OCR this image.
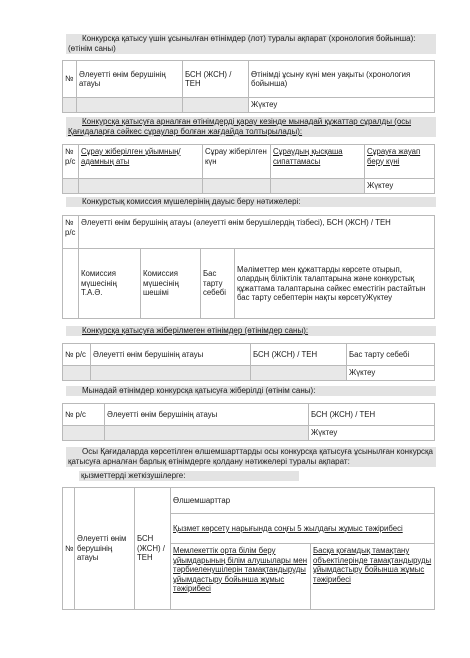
Конкурсқа қатысу үшін ұсынылған өтінімдер (лот) туралы ақпарат (хронология бойынша): (өтінім саны)
№	Әлеуетті өнім берушінің атауы	БСН (ЖСН) / ТЕН	Өтінімді ұсыну күні мен уақыты (хронология бойынша)
			Жүктеу
Конкурсқа қатысуға арналған өтінімдерді қарау кезінде мынадай құжаттар сұралды (осы Қағидаларға сәйкес сұраулар болған жағдайда толтырылады):
№ р/с	Сұрау жіберілген ұйымның/адамның аты	Сұрау жіберілген күн	Сұраудың қысқаша сипаттамасы	Сұрауға жауап беру күні
				Жүктеу
Конкурстық комиссия мүшелерінің дауыс беру нәтижелері:
№ р/с	Әлеуетті өнім берушінің атауы (әлеуетті өнім берушілердің тізбесі), БСН (ЖСН) / ТЕН			
	Комиссия мүшесінің Т.А.Ә.	Комиссия мүшесінің шешімі	Бас тарту себебі	Мәліметтер мен құжаттарды көрсете отырып, олардың біліктілік талаптарына және конкурстық құжаттама талаптарына сәйкес еместігін растайтын бас тарту себептерін нақты көрсетуЖүктеу
Конкурсқа қатысуға жіберілмеген өтінімдер (өтінімдер саны):
№ р/с	Әлеуетті өнім берушінің атауы	БСН (ЖСН) / ТЕН	Бас тарту себебі
			Жүктеу
Мынадай өтінімдер конкурсқа қатысуға жіберілді (өтінім саны):
№ р/с	Әлеуетті өнім берушінің атауы	БСН (ЖСН) / ТЕН
		Жүктеу
Осы Қағидаларда көрсетілген өлшемшарттарды осы конкурсқа қатысуға ұсынылған конкурсқа қатысуға арналған барлық өтінімдерге қолдану нәтижелері туралы ақпарат:
қызметтерді жеткізушілерге:
№	Әлеуетті өнім берушінің атауы	БСН (ЖСН) / ТЕН	Өлшемшарттар	
			Қызмет көрсету нарығында соңғы 5 жылдағы жұмыс тәжірибесі	
			Мемлекеттік орта білім беру ұйымдарының білім алушылары мен тәрбиеленушілерін тамақтандыруды ұйымдастыру бойынша жұмыс тәжірибесі	Басқа қоғамдық тамақтану объектілерінде тамақтандыруды ұйымдастыру бойынша жұмыс тәжірибесі
